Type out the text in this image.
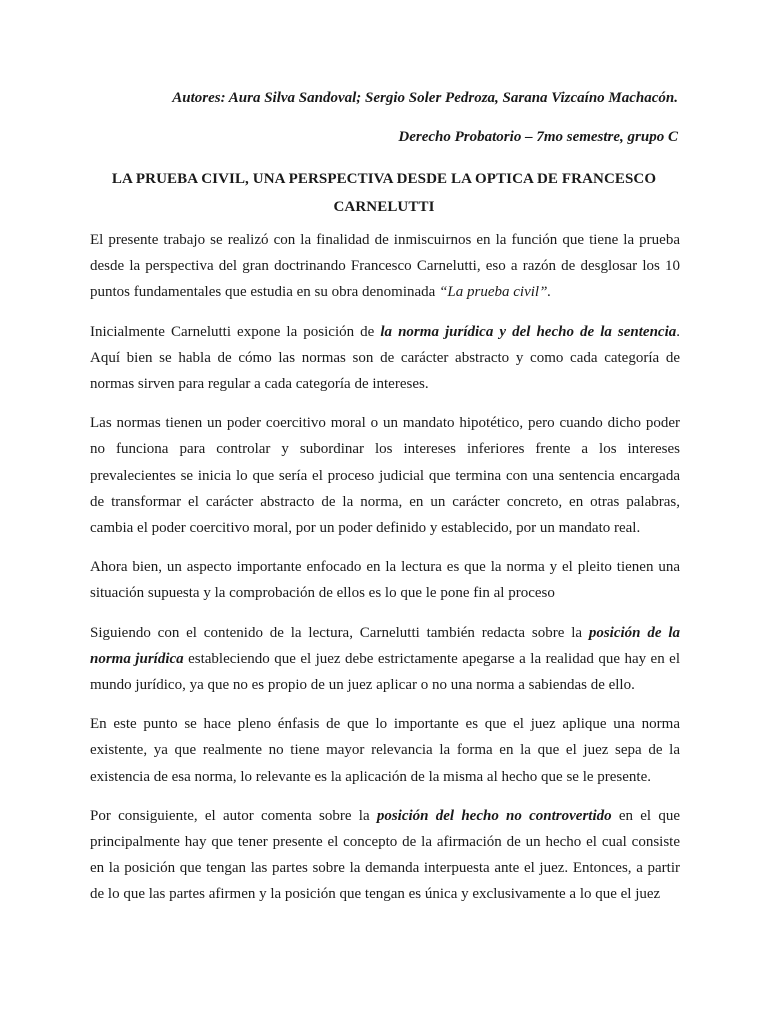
Autores: Aura Silva Sandoval; Sergio Soler Pedroza, Sarana Vizcaíno Machacón.
Derecho Probatorio – 7mo semestre, grupo C
LA PRUEBA CIVIL, UNA PERSPECTIVA DESDE LA OPTICA DE FRANCESCO
CARNELUTTI

El presente trabajo se realizó con la finalidad de inmiscuirnos en la función que tiene la prueba desde la perspectiva del gran doctrinando Francesco Carnelutti, eso a razón de desglosar los 10 puntos fundamentales que estudia en su obra denominada “La prueba civil”.

Inicialmente Carnelutti expone la posición de la norma jurídica y del hecho de la sentencia. Aquí bien se habla de cómo las normas son de carácter abstracto y como cada categoría de normas sirven para regular a cada categoría de intereses.

Las normas tienen un poder coercitivo moral o un mandato hipotético, pero cuando dicho poder no funciona para controlar y subordinar los intereses inferiores frente a los intereses prevalecientes se inicia lo que sería el proceso judicial que termina con una sentencia encargada de transformar el carácter abstracto de la norma, en un carácter concreto, en otras palabras, cambia el poder coercitivo moral, por un poder definido y establecido, por un mandato real.

Ahora bien, un aspecto importante enfocado en la lectura es que la norma y el pleito tienen una situación supuesta y la comprobación de ellos es lo que le pone fin al proceso

Siguiendo con el contenido de la lectura, Carnelutti también redacta sobre la posición de la norma jurídica estableciendo que el juez debe estrictamente apegarse a la realidad que hay en el mundo jurídico, ya que no es propio de un juez aplicar o no una norma a sabiendas de ello.

En este punto se hace pleno énfasis de que lo importante es que el juez aplique una norma existente, ya que realmente no tiene mayor relevancia la forma en la que el juez sepa de la existencia de esa norma, lo relevante es la aplicación de la misma al hecho que se le presente.

Por consiguiente, el autor comenta sobre la posición del hecho no controvertido en el que principalmente hay que tener presente el concepto de la afirmación de un hecho el cual consiste en la posición que tengan las partes sobre la demanda interpuesta ante el juez. Entonces, a partir de lo que las partes afirmen y la posición que tengan es única y exclusivamente a lo que el juez
